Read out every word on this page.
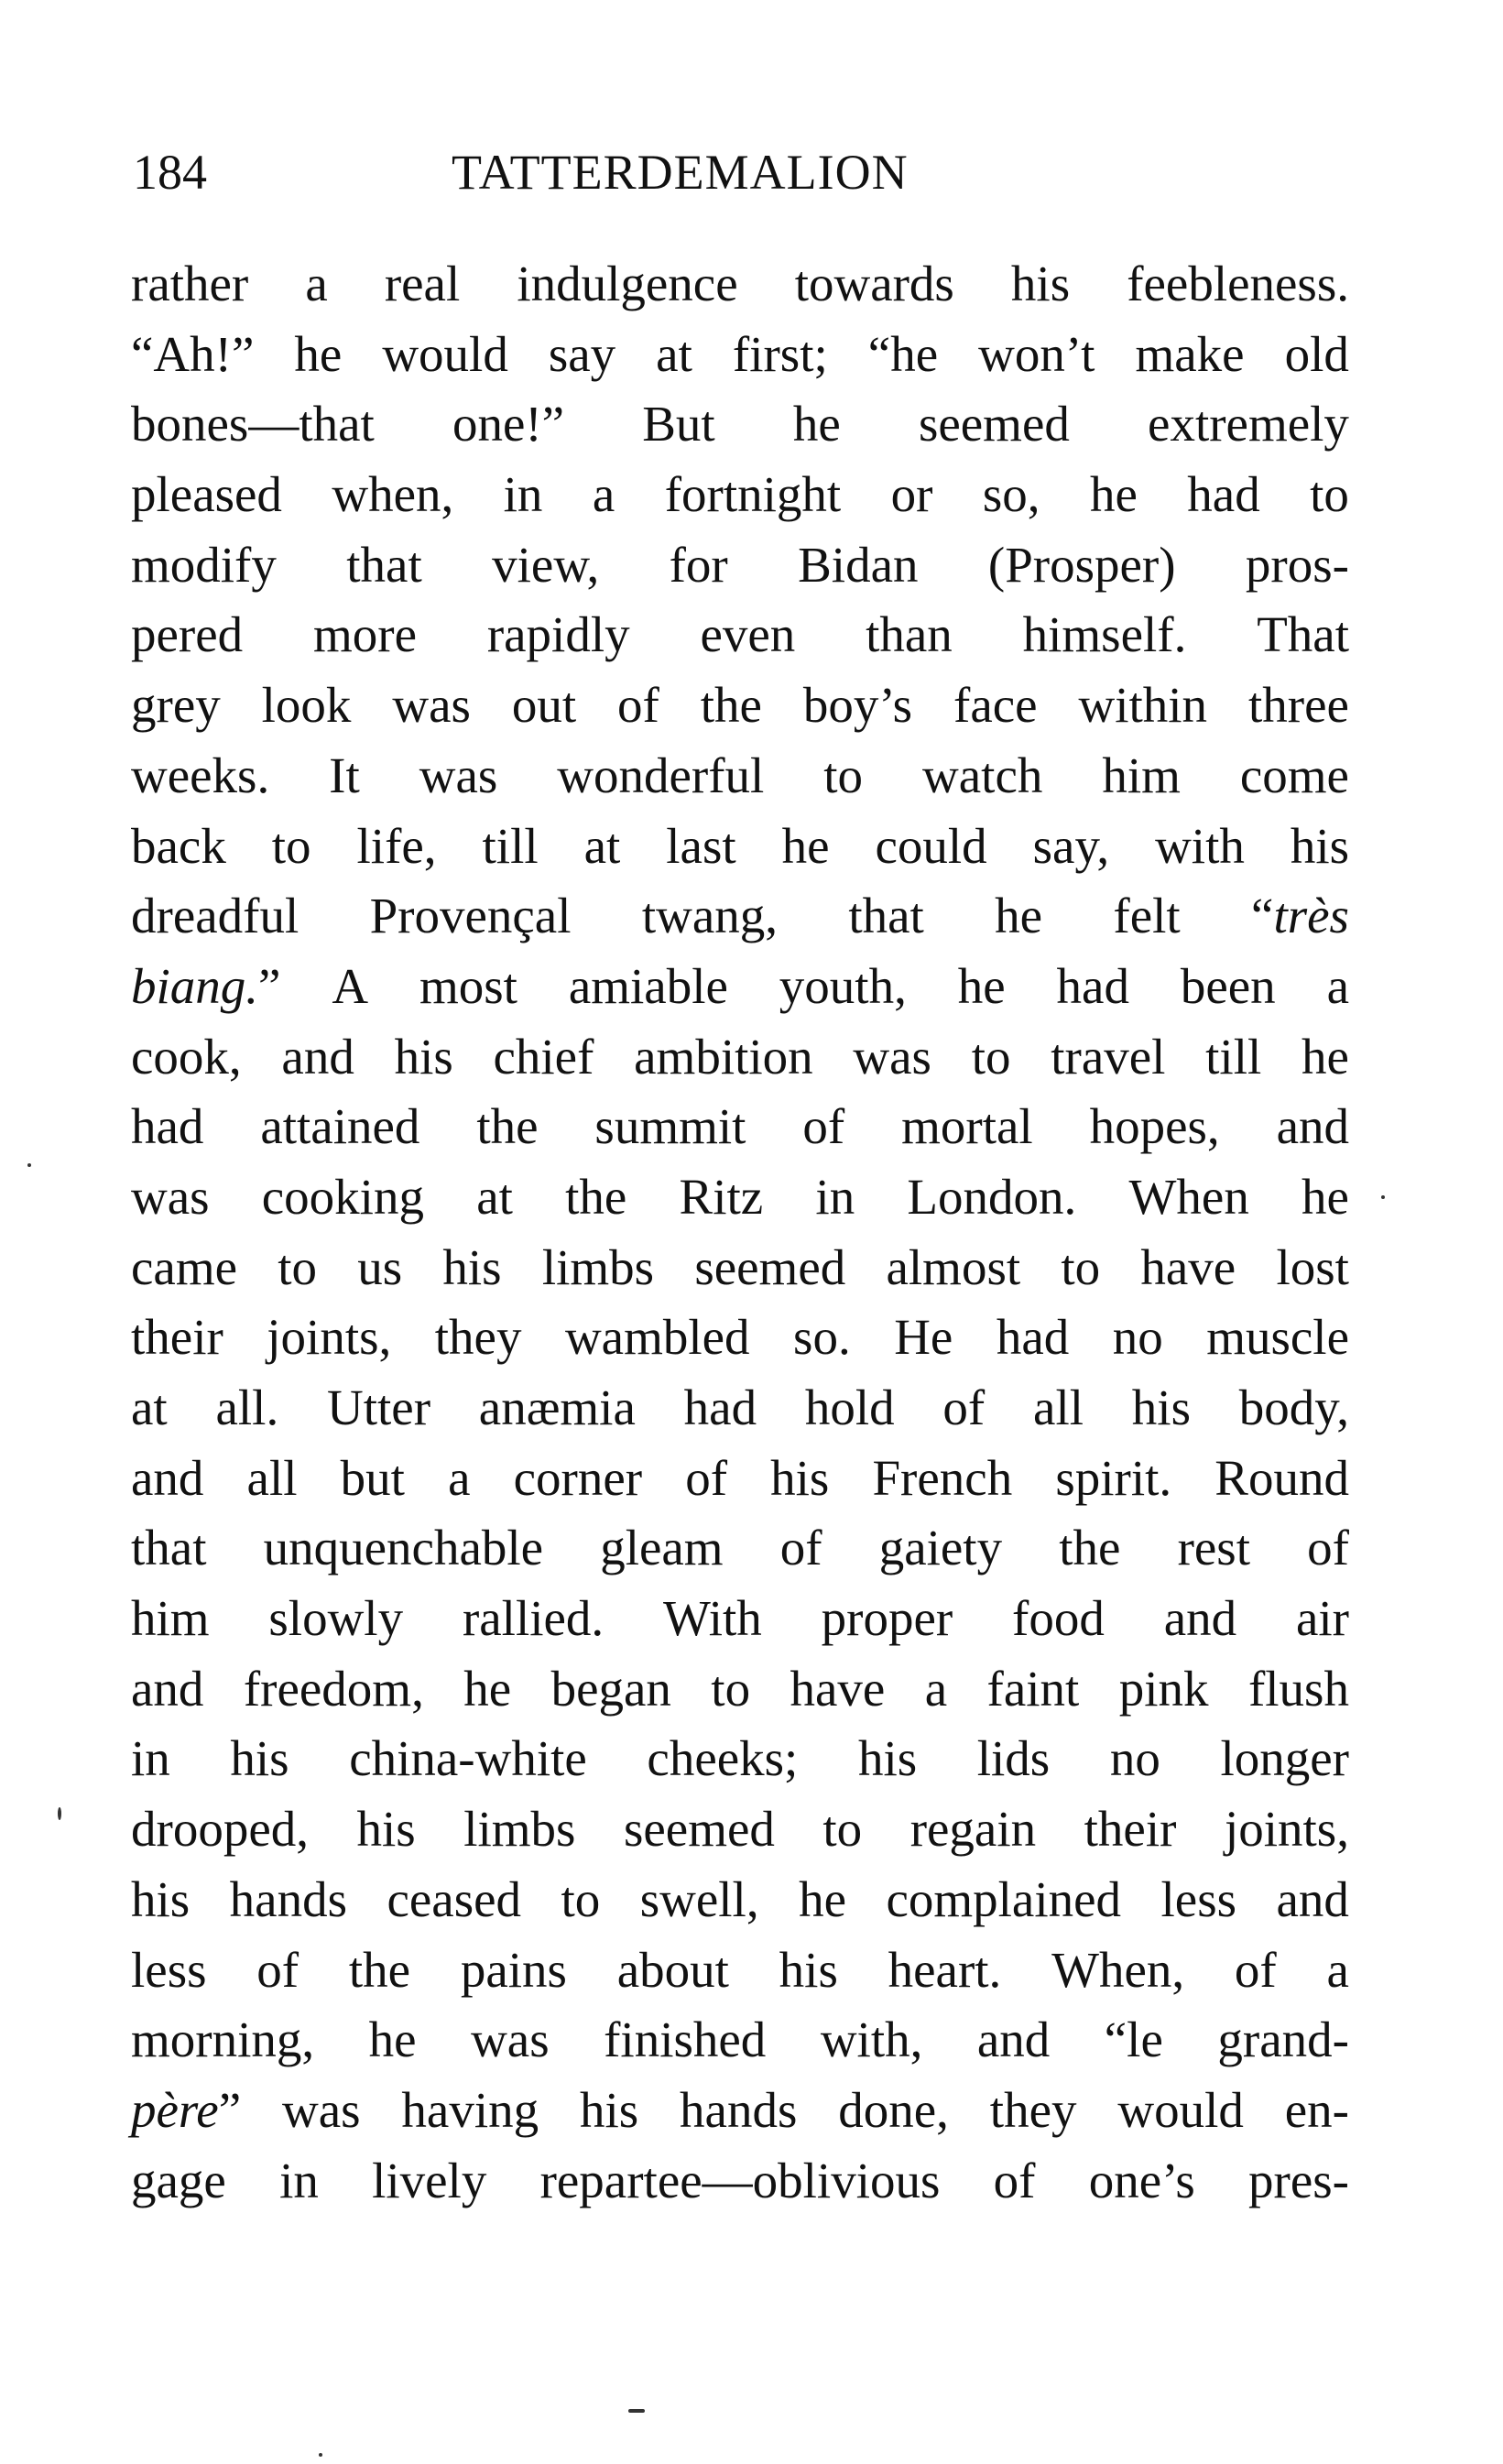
184	TATTERDEMALION
rather a real indulgence towards his feebleness.
“Ah!” he would say at first; “he won’t make old
bones—that one!” But he seemed extremely
pleased when, in a fortnight or so, he had to
modify that view, for Bidan (Prosper) pros-
pered more rapidly even than himself. That
grey look was out of the boy’s face within three
weeks. It was wonderful to watch him come
back to life, till at last he could say, with his
dreadful Provençal twang, that he felt “très
biang.” A most amiable youth, he had been a
cook, and his chief ambition was to travel till he
had attained the summit of mortal hopes, and
was cooking at the Ritz in London. When he
came to us his limbs seemed almost to have lost
their joints, they wambled so. He had no muscle
at all. Utter anæmia had hold of all his body,
and all but a corner of his French spirit. Round
that unquenchable gleam of gaiety the rest of
him slowly rallied. With proper food and air
and freedom, he began to have a faint pink flush
in his china-white cheeks; his lids no longer
drooped, his limbs seemed to regain their joints,
his hands ceased to swell, he complained less and
less of the pains about his heart. When, of a
morning, he was finished with, and “le grand-
père” was having his hands done, they would en-
gage in lively repartee—oblivious of one’s pres-
